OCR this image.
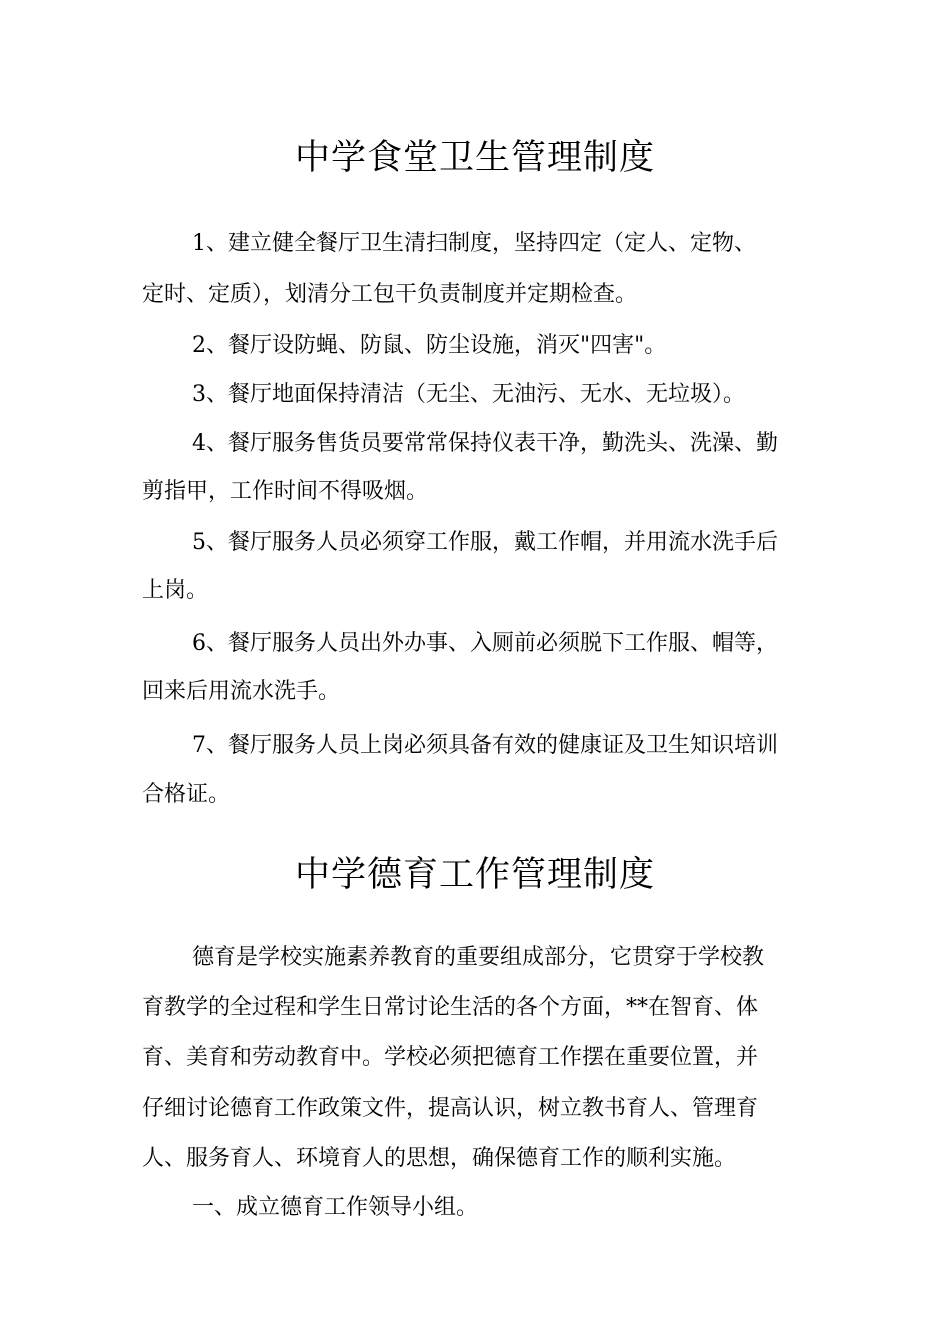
中学食堂卫生管理制度
1、建立健全餐厅卫生清扫制度，坚持四定（定人、定物、
定时、定质），划清分工包干负责制度并定期检查。
2、餐厅设防蝇、防鼠、防尘设施，消灭"四害"。
3、餐厅地面保持清洁（无尘、无油污、无水、无垃圾）。
4、餐厅服务售货员要常常保持仪表干净，勤洗头、洗澡、勤
剪指甲，工作时间不得吸烟。
5、餐厅服务人员必须穿工作服，戴工作帽，并用流水洗手后
上岗。
6、餐厅服务人员出外办事、入厕前必须脱下工作服、帽等，
回来后用流水洗手。
7、餐厅服务人员上岗必须具备有效的健康证及卫生知识培训
合格证。
中学德育工作管理制度
德育是学校实施素养教育的重要组成部分，它贯穿于学校教
育教学的全过程和学生日常讨论生活的各个方面，**在智育、体
育、美育和劳动教育中。学校必须把德育工作摆在重要位置，并
仔细讨论德育工作政策文件，提高认识，树立教书育人、管理育
人、服务育人、环境育人的思想，确保德育工作的顺利实施。
一、成立德育工作领导小组。
